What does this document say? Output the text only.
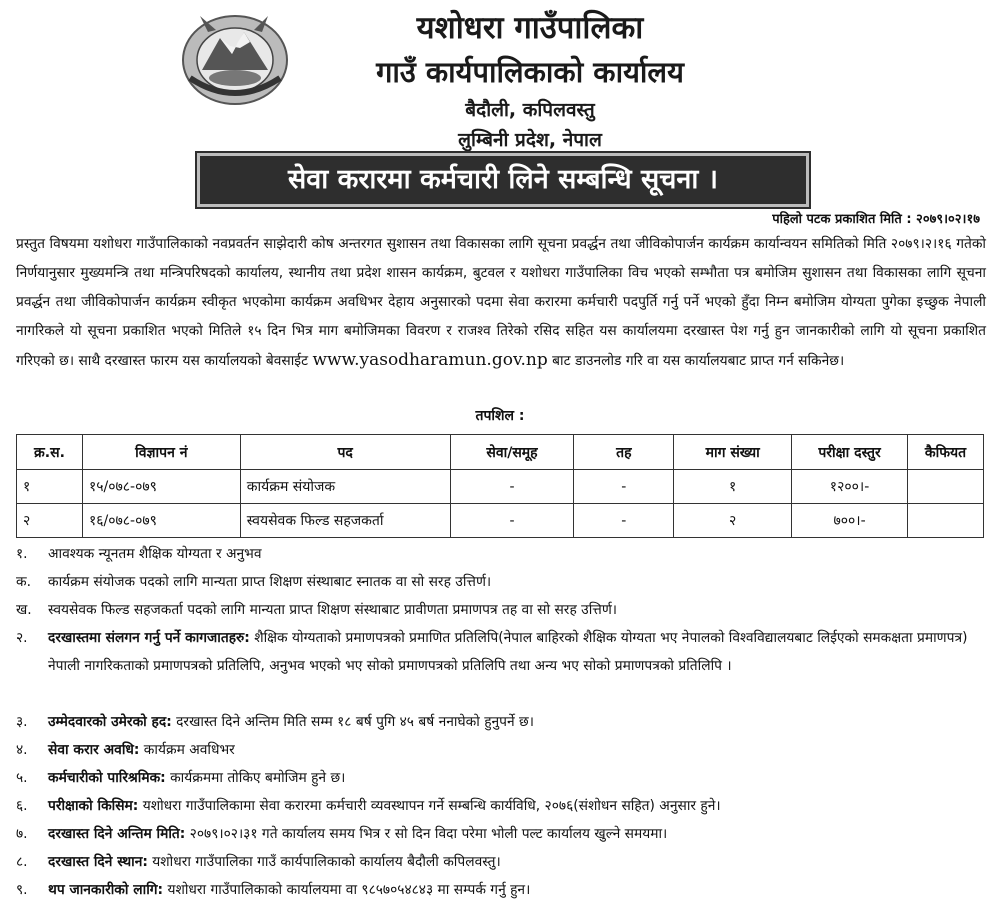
यशोधरा गाउँपालिका
गाउँ कार्यपालिकाको कार्यालय
बैदौली, कपिलवस्तु
लुम्बिनी प्रदेश, नेपाल
सेवा करारमा कर्मचारी लिने सम्बन्धि सूचना ।
पहिलो पटक प्रकाशित मिति : २०७९।०२।१७
प्रस्तुत विषयमा यशोधरा गाउँपालिकाको नवप्रवर्तन साझेदारी कोष अन्तरगत सुशासन तथा विकासका लागि सूचना प्रवर्द्धन तथा जीविकोपार्जन कार्यक्रम कार्यान्वयन समितिको मिति २०७९।२।१६ गतेको निर्णयानुसार मुख्यमन्त्रि तथा मन्त्रिपरिषदको कार्यालय, स्थानीय तथा प्रदेश शासन कार्यक्रम, बुटवल र यशोधरा गाउँपालिका विच भएको सम्भौता पत्र बमोजिम सुशासन तथा विकासका लागि सूचना प्रवर्द्धन तथा जीविकोपार्जन कार्यक्रम स्वीकृत भएकोमा कार्यक्रम अवधिभर देहाय अनुसारको पदमा सेवा करारमा कर्मचारी पदपुर्ति गर्नु पर्ने भएको हुँदा निम्न बमोजिम योग्यता पुगेका इच्छुक नेपाली नागरिकले यो सूचना प्रकाशित भएको मितिले १५ दिन भित्र माग बमोजिमका विवरण र राजश्व तिरेको रसिद सहित यस कार्यालयमा दरखास्त पेश गर्नु हुन जानकारीको लागि यो सूचना प्रकाशित गरिएको छ। साथै दरखास्त फारम यस कार्यालयको बेवसाईट www.yasodharamun.gov.np बाट डाउनलोड गरि वा यस कार्यालयबाट प्राप्त गर्न सकिनेछ।
तपशिल :
क्र.स.	विज्ञापन नं	पद	सेवा/समूह	तह	माग संख्या	परीक्षा दस्तुर	कैफियत
१	१५/०७८-०७९	कार्यक्रम संयोजक	-	-	१	१२००।-	
२	१६/०७८-०७९	स्वयसेवक फिल्ड सहजकर्ता	-	-	२	७००।-	
१.	आवश्यक न्यूनतम शैक्षिक योग्यता र अनुभव
क.	कार्यक्रम संयोजक पदको लागि मान्यता प्राप्त शिक्षण संस्थाबाट स्नातक वा सो सरह उत्तिर्ण।
ख.	स्वयसेवक फिल्ड सहजकर्ता पदको लागि मान्यता प्राप्त शिक्षण संस्थाबाट प्रावीणता प्रमाणपत्र तह वा सो सरह उत्तिर्ण।
२.	दरखास्तमा संलगन गर्नु पर्ने कागजातहरु: शैक्षिक योग्यताको प्रमाणपत्रको प्रमाणित प्रतिलिपि(नेपाल बाहिरको शैक्षिक योग्यता भए नेपालको विश्वविद्यालयबाट लिईएको समकक्षता प्रमाणपत्र) नेपाली नागरिकताको प्रमाणपत्रको प्रतिलिपि, अनुभव भएको भए सोको प्रमाणपत्रको प्रतिलिपि तथा अन्य भए सोको प्रमाणपत्रको प्रतिलिपि ।
३.	उम्मेदवारको उमेरको हद: दरखास्त दिने अन्तिम मिति सम्म १८ बर्ष पुगि ४५ बर्ष ननाघेको हुनुपर्ने छ।
४.	सेवा करार अवधि: कार्यक्रम अवधिभर
५.	कर्मचारीको पारिश्रमिक: कार्यक्रममा तोकिए बमोजिम हुने छ।
६.	परीक्षाको किसिम: यशोधरा गाउँपालिकामा सेवा करारमा कर्मचारी व्यवस्थापन गर्ने सम्बन्धि कार्यविधि, २०७६(संशोधन सहित) अनुसार हुने।
७.	दरखास्त दिने अन्तिम मिति: २०७९।०२।३१ गते कार्यालय समय भित्र र सो दिन विदा परेमा भोली पल्ट कार्यालय खुल्ने समयमा।
८.	दरखास्त दिने स्थान: यशोधरा गाउँपालिका गाउँ कार्यपालिकाको कार्यालय बैदौली कपिलवस्तु।
९.	थप जानकारीको लागि: यशोधरा गाउँपालिकाको कार्यालयमा वा ९८५७०५४८४३ मा सम्पर्क गर्नु हुन।
